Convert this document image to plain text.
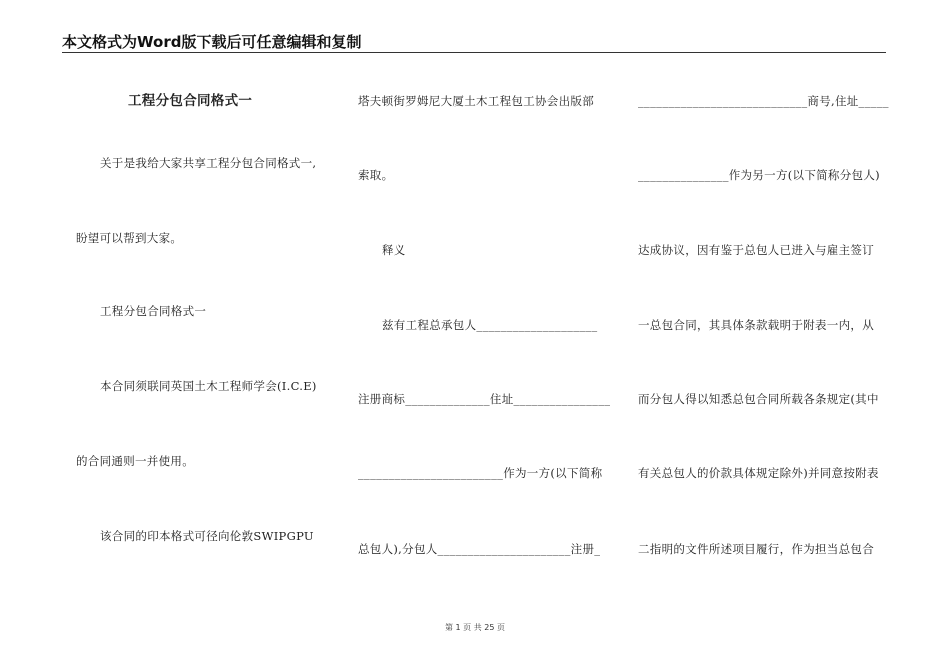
本文格式为Word版下载后可任意编辑和复制
工程分包合同格式一
关于是我给大家共享工程分包合同格式一,
盼望可以帮到大家。
工程分包合同格式一
本合同须联同英国土木工程师学会(I.C.E)
的合同通则一并使用。
该合同的印本格式可径向伦敦SWIPGPU
塔夫顿街罗姆尼大厦土木工程包工协会出版部
索取。
释义
兹有工程总承包人____________________
注册商标______________住址________________
________________________作为一方(以下简称
总包人),分包人______________________注册_
____________________________商号,住址_____
_______________作为另一方(以下简称分包人)
达成协议，因有鉴于总包人已进入与雇主签订
一总包合同，其具体条款载明于附表一内，从
而分包人得以知悉总包合同所载各条规定(其中
有关总包人的价款具体规定除外)并同意按附表
二指明的文件所述项目履行，作为担当总包合
第 1 页 共 25 页
